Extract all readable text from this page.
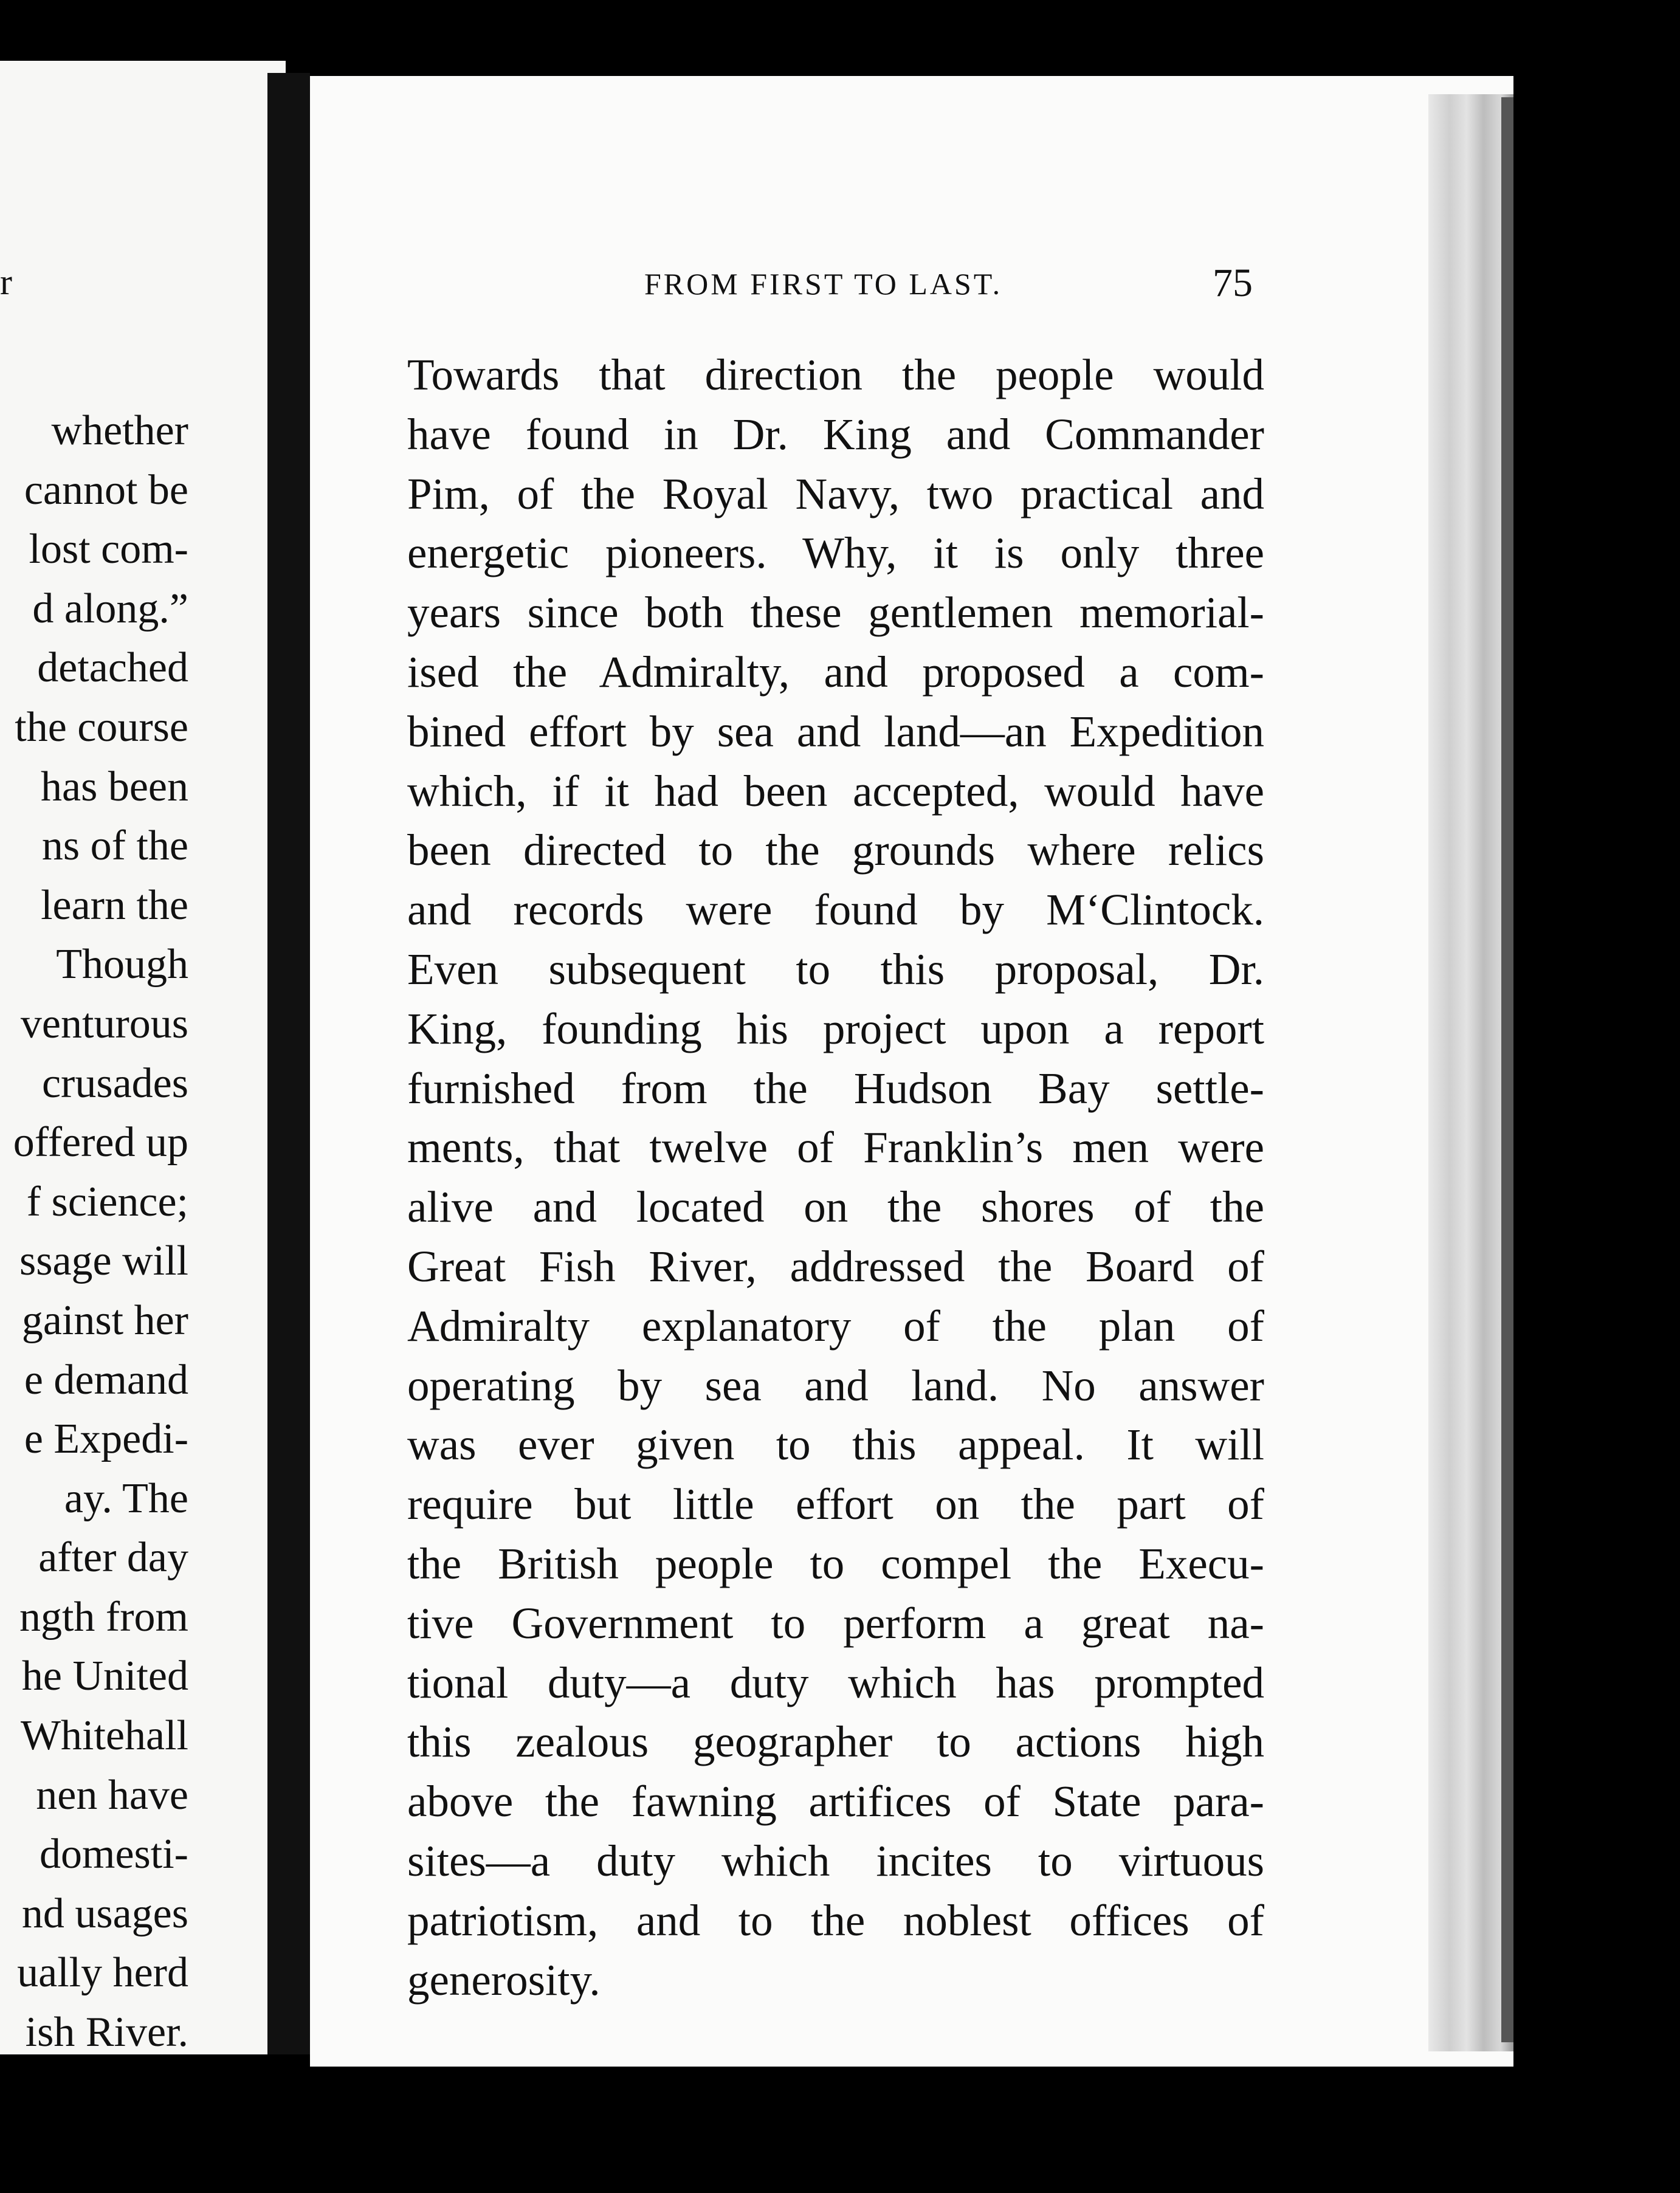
r
whether
cannot be
lost com-
d along.”
detached
the course
has been
ns of the
learn the
Though
venturous
crusades
offered up
f science;
ssage will
gainst her
e demand
e Expedi-
ay. The
after day
ngth from
he United
Whitehall
nen have
domesti-
nd usages
ually herd
ish River.
FROM FIRST TO LAST.	75
Towards that direction the people would
have found in Dr. King and Commander
Pim, of the Royal Navy, two practical and
energetic pioneers. Why, it is only three
years since both these gentlemen memorial-
ised the Admiralty, and proposed a com-
bined effort by sea and land—an Expedition
which, if it had been accepted, would have
been directed to the grounds where relics
and records were found by M‘Clintock.
Even subsequent to this proposal, Dr.
King, founding his project upon a report
furnished from the Hudson Bay settle-
ments, that twelve of Franklin’s men were
alive and located on the shores of the
Great Fish River, addressed the Board of
Admiralty explanatory of the plan of
operating by sea and land. No answer
was ever given to this appeal. It will
require but little effort on the part of
the British people to compel the Execu-
tive Government to perform a great na-
tional duty—a duty which has prompted
this zealous geographer to actions high
above the fawning artifices of State para-
sites—a duty which incites to virtuous
patriotism, and to the noblest offices of
generosity.
